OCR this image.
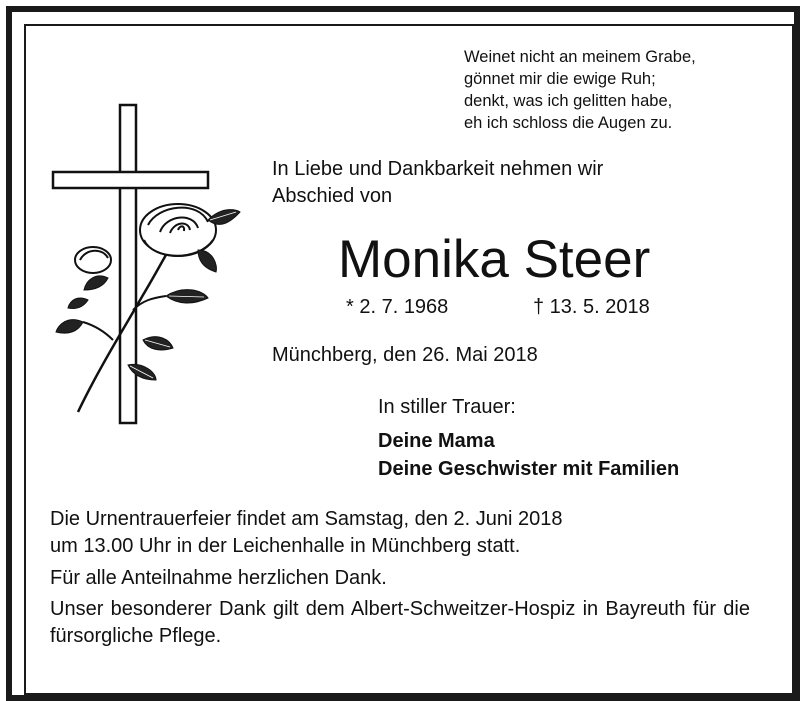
Weinet nicht an meinem Grabe,
gönnet mir die ewige Ruh;
denkt, was ich gelitten habe,
eh ich schloss die Augen zu.
In Liebe und Dankbarkeit nehmen wir
Abschied von
Monika Steer
* 2. 7. 1968	† 13. 5. 2018
Münchberg, den 26. Mai 2018
In stiller Trauer:
Deine Mama
Deine Geschwister mit Familien
Die Urnentrauerfeier findet am Samstag, den 2. Juni 2018
um 13.00 Uhr in der Leichenhalle in Münchberg statt.
Für alle Anteilnahme herzlichen Dank.
Unser besonderer Dank gilt dem Albert-Schweitzer-Hospiz in Bayreuth für die fürsorgliche Pflege.
